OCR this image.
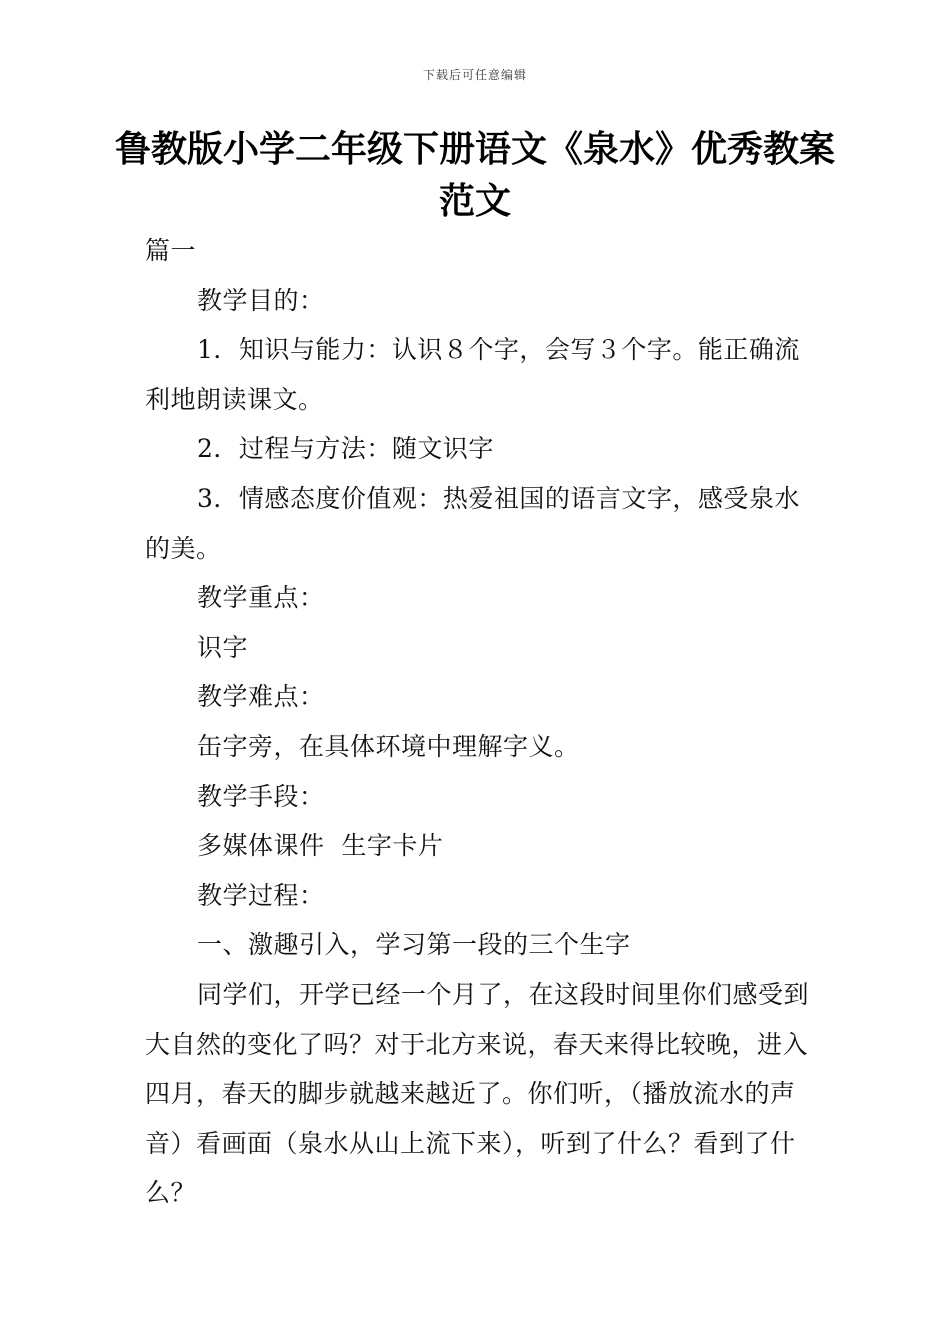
下载后可任意编辑
鲁教版小学二年级下册语文《泉水》优秀教案范文

篇一

教学目的：

1．知识与能力：认识８个字，会写３个字。能正确流利地朗读课文。

2．过程与方法：随文识字

3．情感态度价值观：热爱祖国的语言文字，感受泉水的美。

教学重点：

识字

教学难点：

缶字旁，在具体环境中理解字义。

教学手段：

多媒体课件  生字卡片

教学过程：

一、激趣引入，学习第一段的三个生字

同学们，开学已经一个月了，在这段时间里你们感受到大自然的变化了吗？对于北方来说，春天来得比较晚，进入四月，春天的脚步就越来越近了。你们听，（播放流水的声音）看画面（泉水从山上流下来），听到了什么？看到了什么？
